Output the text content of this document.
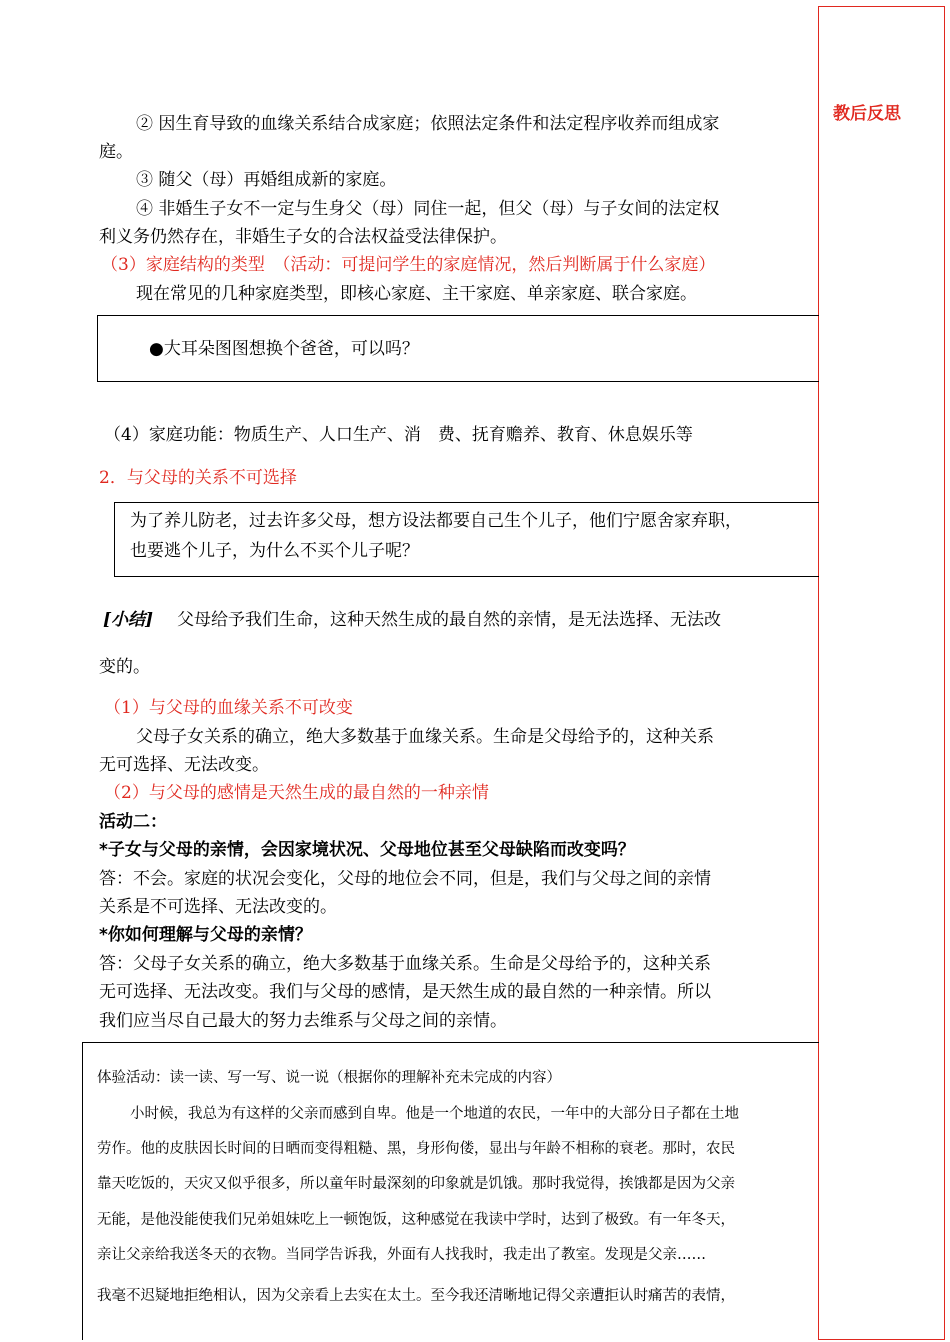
教后反思
② 因生育导致的血缘关系结合成家庭；依照法定条件和法定程序收养而组成家
庭。
③ 随父（母）再婚组成新的家庭。
④ 非婚生子女不一定与生身父（母）同住一起，但父（母）与子女间的法定权
利义务仍然存在，非婚生子女的合法权益受法律保护。
（3）家庭结构的类型　（活动：可提问学生的家庭情况，然后判断属于什么家庭）
现在常见的几种家庭类型，即核心家庭、主干家庭、单亲家庭、联合家庭。
●大耳朵图图想换个爸爸，可以吗？
（4）家庭功能：物质生产、人口生产、消　费、抚育赡养、教育、休息娱乐等
2．与父母的关系不可选择
为了养儿防老，过去许多父母，想方设法都要自己生个儿子，他们宁愿舍家弃职，
也要逃个儿子，为什么不买个儿子呢？
[小结] 父母给予我们生命，这种天然生成的最自然的亲情，是无法选择、无法改
变的。
（1）与父母的血缘关系不可改变
父母子女关系的确立，绝大多数基于血缘关系。生命是父母给予的，这种关系
无可选择、无法改变。
（2）与父母的感情是天然生成的最自然的一种亲情
活动二：
*子女与父母的亲情，会因家境状况、父母地位甚至父母缺陷而改变吗？
答：不会。家庭的状况会变化，父母的地位会不同，但是，我们与父母之间的亲情
关系是不可选择、无法改变的。
*你如何理解与父母的亲情？
答：父母子女关系的确立，绝大多数基于血缘关系。生命是父母给予的，这种关系
无可选择、无法改变。我们与父母的感情，是天然生成的最自然的一种亲情。所以
我们应当尽自己最大的努力去维系与父母之间的亲情。
体验活动：读一读、写一写、说一说（根据你的理解补充未完成的内容）
小时候，我总为有这样的父亲而感到自卑。他是一个地道的农民，一年中的大部分日子都在土地
劳作。他的皮肤因长时间的日晒而变得粗糙、黑，身形佝偻，显出与年龄不相称的衰老。那时，农民
靠天吃饭的，天灾又似乎很多，所以童年时最深刻的印象就是饥饿。那时我觉得，挨饿都是因为父亲
无能，是他没能使我们兄弟姐妹吃上一顿饱饭，这种感觉在我读中学时，达到了极致。有一年冬天，
亲让父亲给我送冬天的衣物。当同学告诉我，外面有人找我时，我走出了教室。发现是父亲……
我毫不迟疑地拒绝相认，因为父亲看上去实在太土。至今我还清晰地记得父亲遭拒认时痛苦的表情，
